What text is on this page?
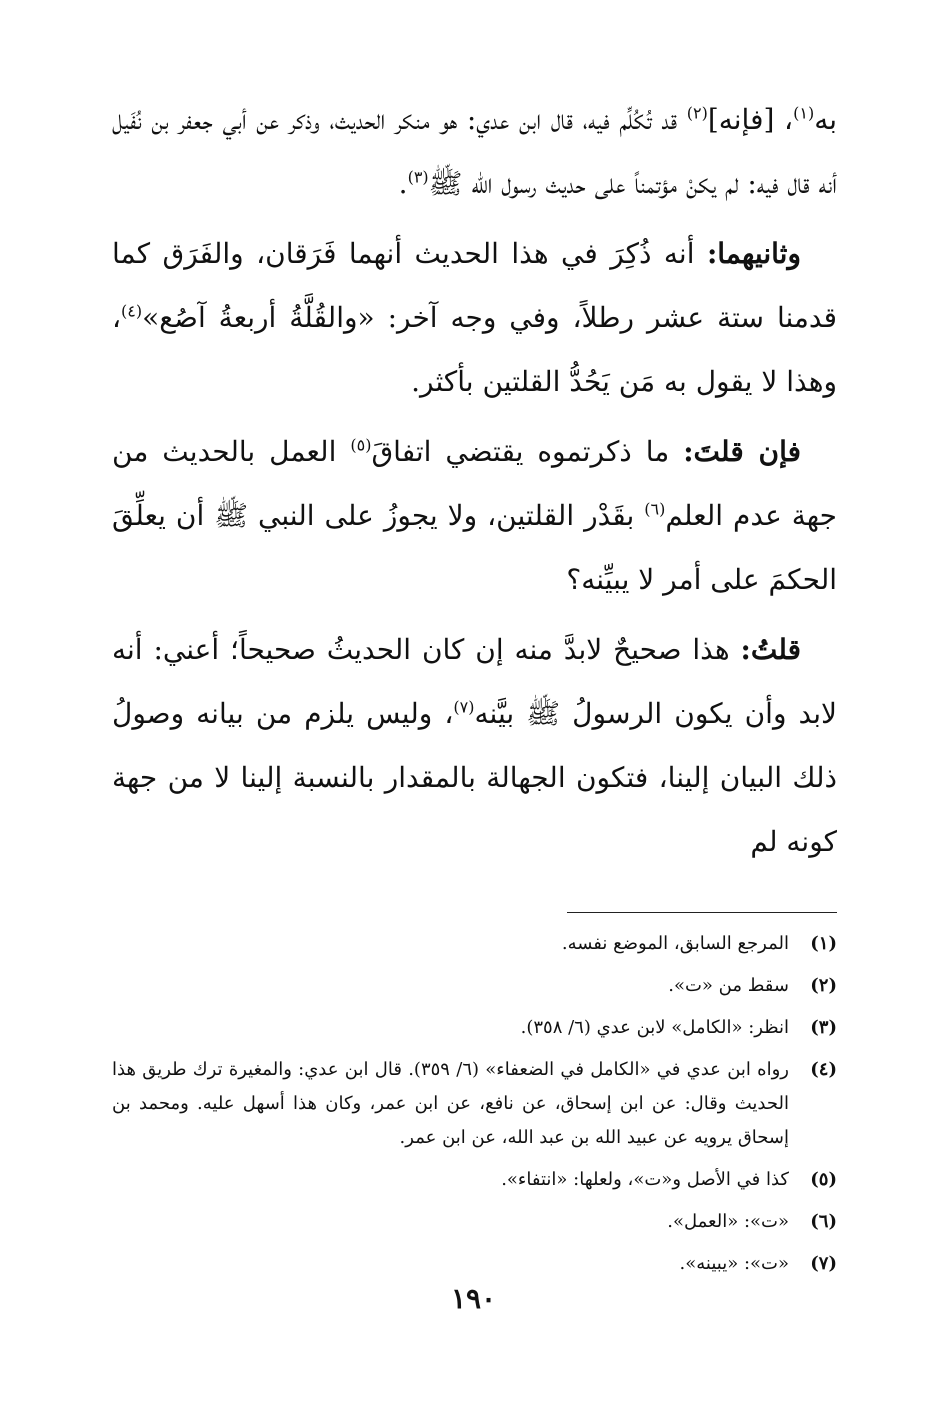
به$^{(١)}$، [فإنه]$^{(٢)}$ قد تُكُلِّم فيه، قال ابن عدي: هو منكر الحديث، وذكر عن أبي جعفر بن نُفَيل أنه قال فيه: لم يكنْ مؤتمناً على حديث رسول الله ﷺ$^{(٣)}$.

وثانيهما: أنه ذُكِرَ في هذا الحديث أنهما فَرَقان، والفَرَق كما قدمنا ستة عشر رطلاً، وفي وجه آخر: «والقُلَّةُ أربعةُ آصُع»$^{(٤)}$، وهذا لا يقول به مَن يَحُدُّ القلتين بأكثر.

فإن قلتَ: ما ذكرتموه يقتضي اتفاقَ$^{(٥)}$ العمل بالحديث من جهة عدم العلم$^{(٦)}$ بقَدْر القلتين، ولا يجوزُ على النبي ﷺ أن يعلِّقَ الحكمَ على أمر لا يبيِّنه؟

قلتُ: هذا صحيحٌ لابدَّ منه إن كان الحديثُ صحيحاً؛ أعني: أنه لابد وأن يكون الرسولُ ﷺ بيَّنه$^{(٧)}$، وليس يلزم من بيانه وصولُ ذلك البيان إلينا، فتكون الجهالة بالمقدار بالنسبة إلينا لا من جهة كونه لم

(١)
المرجع السابق، الموضع نفسه.
(٢)
سقط من «ت».
(٣)
انظر: «الكامل» لابن عدي (٦/ ٣٥٨).
(٤)
رواه ابن عدي في «الكامل في الضعفاء» (٦/ ٣٥٩). قال ابن عدي: والمغيرة ترك طريق هذا الحديث وقال: عن ابن إسحاق، عن نافع، عن ابن عمر، وكان هذا أسهل عليه. ومحمد بن إسحاق يرويه عن عبيد الله بن عبد الله، عن ابن عمر.
(٥)
كذا في الأصل و«ت»، ولعلها: «انتفاء».
(٦)
«ت»: «العمل».
(٧)
«ت»: «يبينه».
١٩٠
